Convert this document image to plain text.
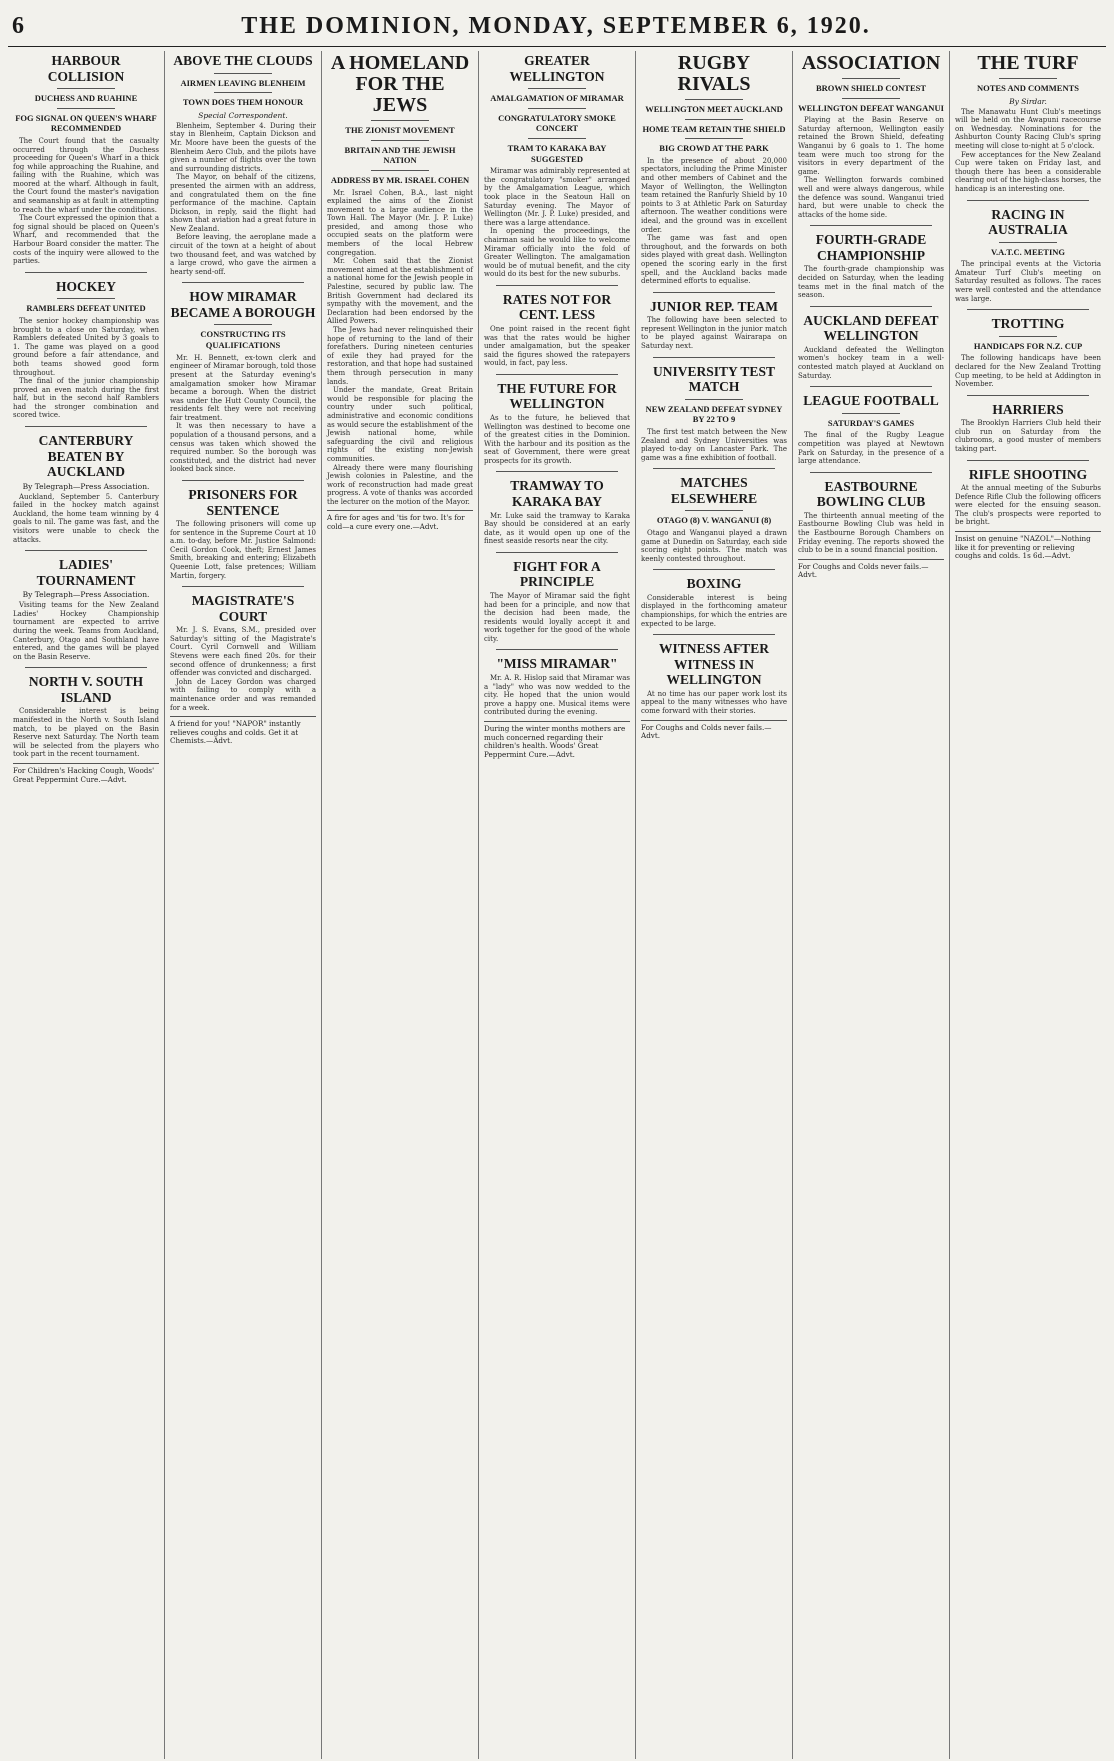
6	THE DOMINION, MONDAY, SEPTEMBER 6, 1920.
HARBOUR COLLISION
DUCHESS AND RUAHINE
FOG SIGNAL ON QUEEN'S WHARF RECOMMENDED

The Court found that the casualty occurred through the Duchess proceeding for Queen's Wharf in a thick fog while approaching the Ruahine, and failing with the Ruahine, which was moored at the wharf. Although in fault, the Court found the master's navigation and seamanship as at fault in attempting to reach the wharf under the conditions.

The Court expressed the opinion that a fog signal should be placed on Queen's Wharf, and recommended that the Harbour Board consider the matter. The costs of the inquiry were allowed to the parties.

HOCKEY
RAMBLERS DEFEAT UNITED

The senior hockey championship was brought to a close on Saturday, when Ramblers defeated United by 3 goals to 1. The game was played on a good ground before a fair attendance, and both teams showed good form throughout.

The final of the junior championship proved an even match during the first half, but in the second half Ramblers had the stronger combination and scored twice.

CANTERBURY BEATEN BY AUCKLAND
By Telegraph—Press Association.

Auckland, September 5. Canterbury failed in the hockey match against Auckland, the home team winning by 4 goals to nil. The game was fast, and the visitors were unable to check the attacks.

LADIES' TOURNAMENT
By Telegraph—Press Association.

Visiting teams for the New Zealand Ladies' Hockey Championship tournament are expected to arrive during the week. Teams from Auckland, Canterbury, Otago and Southland have entered, and the games will be played on the Basin Reserve.

NORTH V. SOUTH ISLAND

Considerable interest is being manifested in the North v. South Island match, to be played on the Basin Reserve next Saturday. The North team will be selected from the players who took part in the recent tournament.

For Children's Hacking Cough, Woods' Great Peppermint Cure.—Advt.
ABOVE THE CLOUDS
AIRMEN LEAVING BLENHEIM
TOWN DOES THEM HONOUR
Special Correspondent.

Blenheim, September 4. During their stay in Blenheim, Captain Dickson and Mr. Moore have been the guests of the Blenheim Aero Club, and the pilots have given a number of flights over the town and surrounding districts.

The Mayor, on behalf of the citizens, presented the airmen with an address, and congratulated them on the fine performance of the machine. Captain Dickson, in reply, said the flight had shown that aviation had a great future in New Zealand.

Before leaving, the aeroplane made a circuit of the town at a height of about two thousand feet, and was watched by a large crowd, who gave the airmen a hearty send-off.

HOW MIRAMAR BECAME A BOROUGH
CONSTRUCTING ITS QUALIFICATIONS

Mr. H. Bennett, ex-town clerk and engineer of Miramar borough, told those present at the Saturday evening's amalgamation smoker how Miramar became a borough. When the district was under the Hutt County Council, the residents felt they were not receiving fair treatment.

It was then necessary to have a population of a thousand persons, and a census was taken which showed the required number. So the borough was constituted, and the district had never looked back since.

PRISONERS FOR SENTENCE

The following prisoners will come up for sentence in the Supreme Court at 10 a.m. to-day, before Mr. Justice Salmond: Cecil Gordon Cook, theft; Ernest James Smith, breaking and entering; Elizabeth Queenie Lott, false pretences; William Martin, forgery.

MAGISTRATE'S COURT

Mr. J. S. Evans, S.M., presided over Saturday's sitting of the Magistrate's Court. Cyril Cornwell and William Stevens were each fined 20s. for their second offence of drunkenness; a first offender was convicted and discharged.

John de Lacey Gordon was charged with failing to comply with a maintenance order and was remanded for a week.

A friend for you! "NAPOR" instantly relieves coughs and colds. Get it at Chemists.—Advt.
A HOMELAND FOR THE JEWS
THE ZIONIST MOVEMENT
BRITAIN AND THE JEWISH NATION
ADDRESS BY MR. ISRAEL COHEN

Mr. Israel Cohen, B.A., last night explained the aims of the Zionist movement to a large audience in the Town Hall. The Mayor (Mr. J. P. Luke) presided, and among those who occupied seats on the platform were members of the local Hebrew congregation.

Mr. Cohen said that the Zionist movement aimed at the establishment of a national home for the Jewish people in Palestine, secured by public law. The British Government had declared its sympathy with the movement, and the Declaration had been endorsed by the Allied Powers.

The Jews had never relinquished their hope of returning to the land of their forefathers. During nineteen centuries of exile they had prayed for the restoration, and that hope had sustained them through persecution in many lands.

Under the mandate, Great Britain would be responsible for placing the country under such political, administrative and economic conditions as would secure the establishment of the Jewish national home, while safeguarding the civil and religious rights of the existing non-Jewish communities.

Already there were many flourishing Jewish colonies in Palestine, and the work of reconstruction had made great progress. A vote of thanks was accorded the lecturer on the motion of the Mayor.

A fire for ages and 'tis for two. It's for cold—a cure every one.—Advt.
GREATER WELLINGTON
AMALGAMATION OF MIRAMAR
CONGRATULATORY SMOKE CONCERT
TRAM TO KARAKA BAY SUGGESTED

Miramar was admirably represented at the congratulatory "smoker" arranged by the Amalgamation League, which took place in the Seatoun Hall on Saturday evening. The Mayor of Wellington (Mr. J. P. Luke) presided, and there was a large attendance.

In opening the proceedings, the chairman said he would like to welcome Miramar officially into the fold of Greater Wellington. The amalgamation would be of mutual benefit, and the city would do its best for the new suburbs.

RATES NOT FOR CENT. LESS

One point raised in the recent fight was that the rates would be higher under amalgamation, but the speaker said the figures showed the ratepayers would, in fact, pay less.

THE FUTURE FOR WELLINGTON

As to the future, he believed that Wellington was destined to become one of the greatest cities in the Dominion. With the harbour and its position as the seat of Government, there were great prospects for its growth.

TRAMWAY TO KARAKA BAY

Mr. Luke said the tramway to Karaka Bay should be considered at an early date, as it would open up one of the finest seaside resorts near the city.

FIGHT FOR A PRINCIPLE

The Mayor of Miramar said the fight had been for a principle, and now that the decision had been made, the residents would loyally accept it and work together for the good of the whole city.

"MISS MIRAMAR"

Mr. A. R. Hislop said that Miramar was a "lady" who was now wedded to the city. He hoped that the union would prove a happy one. Musical items were contributed during the evening.

During the winter months mothers are much concerned regarding their children's health. Woods' Great Peppermint Cure.—Advt.
RUGBY RIVALS
WELLINGTON MEET AUCKLAND
HOME TEAM RETAIN THE SHIELD
BIG CROWD AT THE PARK

In the presence of about 20,000 spectators, including the Prime Minister and other members of Cabinet and the Mayor of Wellington, the Wellington team retained the Ranfurly Shield by 10 points to 3 at Athletic Park on Saturday afternoon. The weather conditions were ideal, and the ground was in excellent order.

The game was fast and open throughout, and the forwards on both sides played with great dash. Wellington opened the scoring early in the first spell, and the Auckland backs made determined efforts to equalise.

JUNIOR REP. TEAM

The following have been selected to represent Wellington in the junior match to be played against Wairarapa on Saturday next.

UNIVERSITY TEST MATCH
NEW ZEALAND DEFEAT SYDNEY BY 22 TO 9

The first test match between the New Zealand and Sydney Universities was played to-day on Lancaster Park. The game was a fine exhibition of football.

MATCHES ELSEWHERE
OTAGO (8) V. WANGANUI (8)

Otago and Wanganui played a drawn game at Dunedin on Saturday, each side scoring eight points. The match was keenly contested throughout.

BOXING

Considerable interest is being displayed in the forthcoming amateur championships, for which the entries are expected to be large.

WITNESS AFTER WITNESS IN WELLINGTON

At no time has our paper work lost its appeal to the many witnesses who have come forward with their stories.

For Coughs and Colds never fails.—Advt.
ASSOCIATION
BROWN SHIELD CONTEST
WELLINGTON DEFEAT WANGANUI

Playing at the Basin Reserve on Saturday afternoon, Wellington easily retained the Brown Shield, defeating Wanganui by 6 goals to 1. The home team were much too strong for the visitors in every department of the game.

The Wellington forwards combined well and were always dangerous, while the defence was sound. Wanganui tried hard, but were unable to check the attacks of the home side.

FOURTH-GRADE CHAMPIONSHIP

The fourth-grade championship was decided on Saturday, when the leading teams met in the final match of the season.

AUCKLAND DEFEAT WELLINGTON

Auckland defeated the Wellington women's hockey team in a well-contested match played at Auckland on Saturday.

LEAGUE FOOTBALL
SATURDAY'S GAMES

The final of the Rugby League competition was played at Newtown Park on Saturday, in the presence of a large attendance.

EASTBOURNE BOWLING CLUB

The thirteenth annual meeting of the Eastbourne Bowling Club was held in the Eastbourne Borough Chambers on Friday evening. The reports showed the club to be in a sound financial position.

For Coughs and Colds never fails.—Advt.
THE TURF
NOTES AND COMMENTS
By Sirdar.

The Manawatu Hunt Club's meetings will be held on the Awapuni racecourse on Wednesday. Nominations for the Ashburton County Racing Club's spring meeting will close to-night at 5 o'clock.

Few acceptances for the New Zealand Cup were taken on Friday last, and though there has been a considerable clearing out of the high-class horses, the handicap is an interesting one.

RACING IN AUSTRALIA
V.A.T.C. MEETING

The principal events at the Victoria Amateur Turf Club's meeting on Saturday resulted as follows. The races were well contested and the attendance was large.

TROTTING
HANDICAPS FOR N.Z. CUP

The following handicaps have been declared for the New Zealand Trotting Cup meeting, to be held at Addington in November.

HARRIERS

The Brooklyn Harriers Club held their club run on Saturday from the clubrooms, a good muster of members taking part.

RIFLE SHOOTING

At the annual meeting of the Suburbs Defence Rifle Club the following officers were elected for the ensuing season. The club's prospects were reported to be bright.

Insist on genuine "NAZOL"—Nothing like it for preventing or relieving coughs and colds. 1s 6d.—Advt.
